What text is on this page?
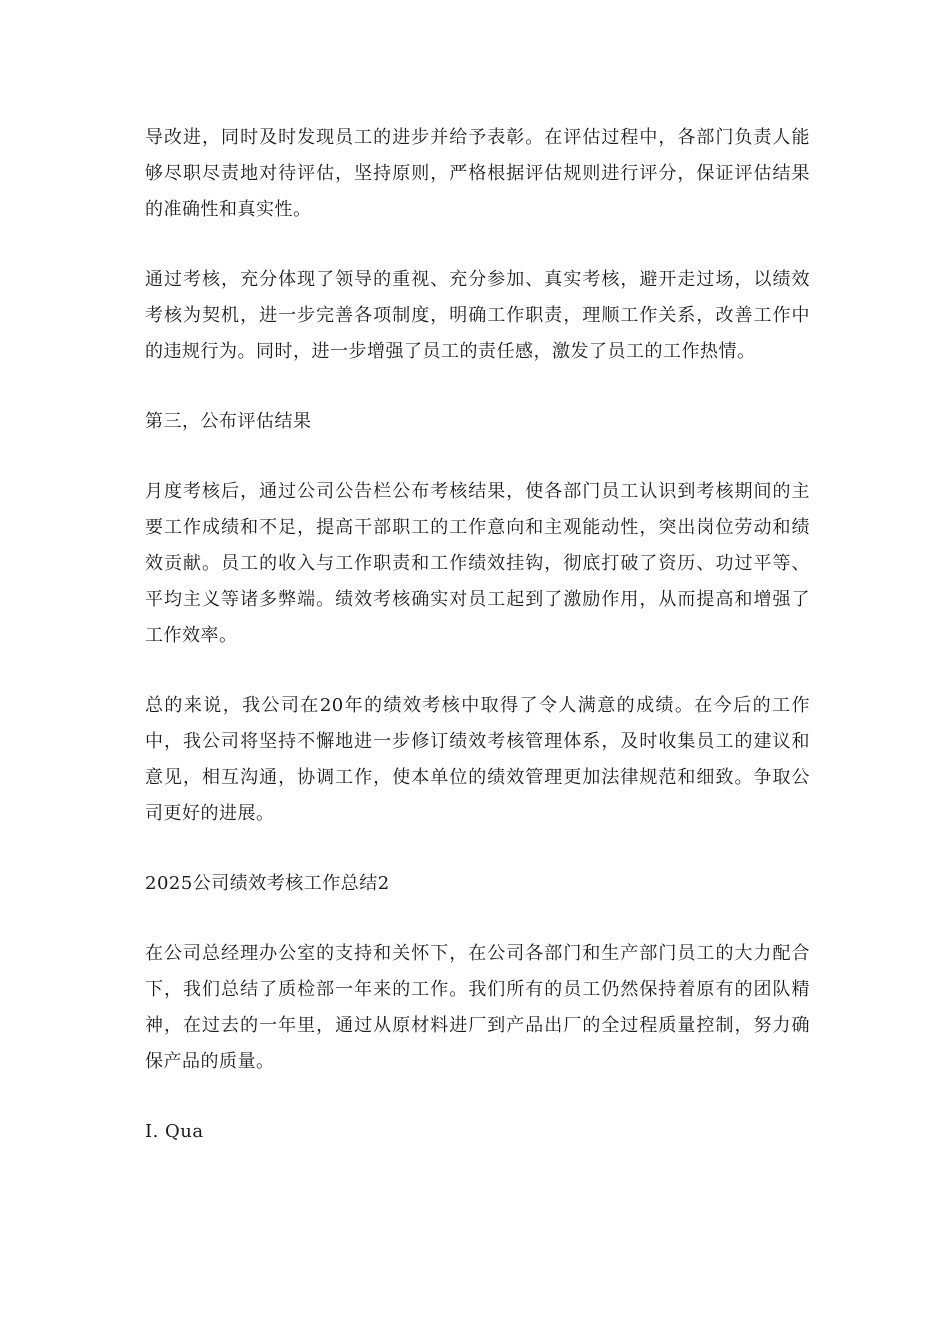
导改进，同时及时发现员工的进步并给予表彰。在评估过程中，各部门负责人能够尽职尽责地对待评估，坚持原则，严格根据评估规则进行评分，保证评估结果的准确性和真实性。

通过考核，充分体现了领导的重视、充分参加、真实考核，避开走过场，以绩效考核为契机，进一步完善各项制度，明确工作职责，理顺工作关系，改善工作中的违规行为。同时，进一步增强了员工的责任感，激发了员工的工作热情。

第三，公布评估结果

月度考核后，通过公司公告栏公布考核结果，使各部门员工认识到考核期间的主要工作成绩和不足，提高干部职工的工作意向和主观能动性，突出岗位劳动和绩效贡献。员工的收入与工作职责和工作绩效挂钩，彻底打破了资历、功过平等、平均主义等诸多弊端。绩效考核确实对员工起到了激励作用，从而提高和增强了工作效率。

总的来说，我公司在20年的绩效考核中取得了令人满意的成绩。在今后的工作中，我公司将坚持不懈地进一步修订绩效考核管理体系，及时收集员工的建议和意见，相互沟通，协调工作，使本单位的绩效管理更加法律规范和细致。争取公司更好的进展。

2025公司绩效考核工作总结2

在公司总经理办公室的支持和关怀下，在公司各部门和生产部门员工的大力配合下，我们总结了质检部一年来的工作。我们所有的员工仍然保持着原有的团队精神，在过去的一年里，通过从原材料进厂到产品出厂的全过程质量控制，努力确保产品的质量。

I. Qua
